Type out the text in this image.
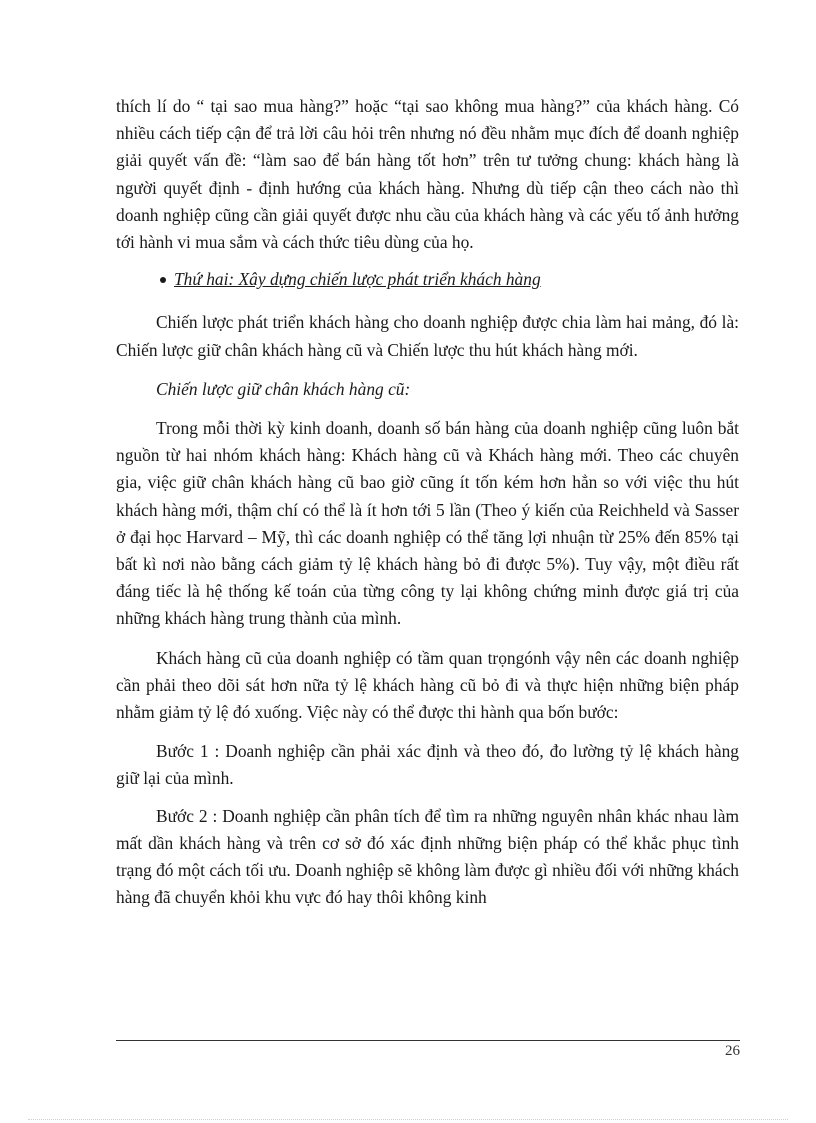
thích lí do “ tại sao mua hàng?” hoặc “tại sao không mua hàng?” của khách hàng. Có nhiều cách tiếp cận để trả lời câu hỏi trên nhưng nó đều nhằm mục đích để doanh nghiệp giải quyết vấn đề: “làm sao để bán hàng tốt hơn” trên tư tưởng chung: khách hàng là người quyết định - định hướng của khách hàng. Nhưng dù tiếp cận theo cách nào thì doanh nghiệp cũng cần giải quyết được nhu cầu của khách hàng và các yếu tố ảnh hưởng tới hành vi mua sắm và cách thức tiêu dùng của họ.

Thứ hai: Xây dựng chiến lược phát triển khách hàng

Chiến lược phát triển khách hàng cho doanh nghiệp được chia làm hai mảng, đó là: Chiến lược giữ chân khách hàng cũ và Chiến lược thu hút khách hàng mới.

Chiến lược giữ chân khách hàng cũ:

Trong mỗi thời kỳ kinh doanh, doanh số bán hàng của doanh nghiệp cũng luôn bắt nguồn từ hai nhóm khách hàng: Khách hàng cũ và Khách hàng mới. Theo các chuyên gia, việc giữ chân khách hàng cũ bao giờ cũng ít tốn kém hơn hẳn so với việc thu hút khách hàng mới, thậm chí có thể là ít hơn tới 5 lần (Theo ý kiến của Reichheld và Sasser ở đại học Harvard – Mỹ, thì các doanh nghiệp có thể tăng lợi nhuận từ 25% đến 85% tại bất kì nơi nào bằng cách giảm tỷ lệ khách hàng bỏ đi được 5%). Tuy vậy, một điều rất đáng tiếc là hệ thống kế toán của từng công ty lại không chứng minh được giá trị của những khách hàng trung thành của mình.

Khách hàng cũ của doanh nghiệp có tầm quan trọngónh vậy nên các doanh nghiệp cần phải theo dõi sát hơn nữa tỷ lệ khách hàng cũ bỏ đi và thực hiện những biện pháp nhằm giảm tỷ lệ đó xuống. Việc này có thể được thi hành qua bốn bước:

Bước 1 : Doanh nghiệp cần phải xác định và theo đó, đo lường tỷ lệ khách hàng giữ lại của mình.

Bước 2 : Doanh nghiệp cần phân tích để tìm ra những nguyên nhân khác nhau làm mất dần khách hàng và trên cơ sở đó xác định những biện pháp có thể khắc phục tình trạng đó một cách tối ưu. Doanh nghiệp sẽ không làm được gì nhiều đối với những khách hàng đã chuyển khỏi khu vực đó hay thôi không kinh

26
